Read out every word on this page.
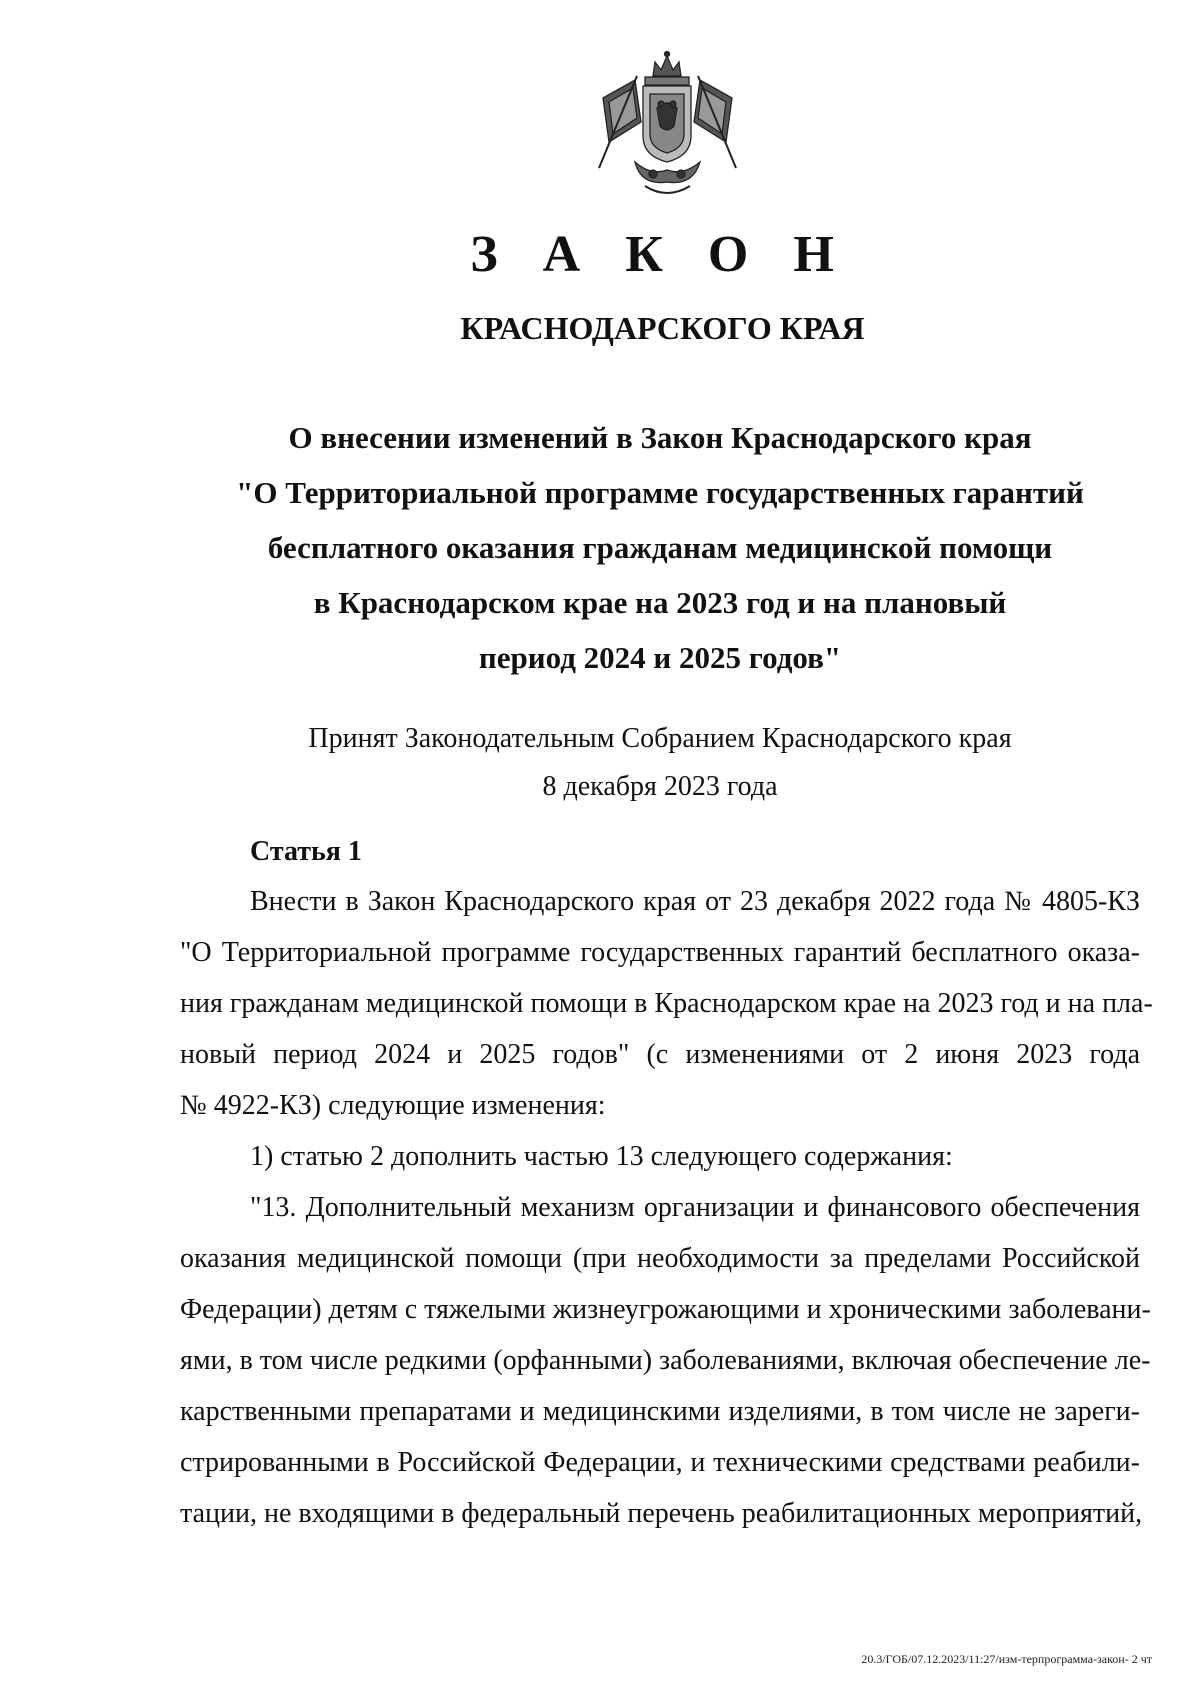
З А К О Н
КРАСНОДАРСКОГО КРАЯ
О внесении изменений в Закон Краснодарского края
"О Территориальной программе государственных гарантий
бесплатного оказания гражданам медицинской помощи
в Краснодарском крае на 2023 год и на плановый
период 2024 и 2025 годов"
Принят Законодательным Собранием Краснодарского края
8 декабря 2023 года
Статья 1
Внести в Закон Краснодарского края от 23 декабря 2022 года № 4805-КЗ
"О Территориальной программе государственных гарантий бесплатного оказа-
ния гражданам медицинской помощи в Краснодарском крае на 2023 год и на пла-
новый период 2024 и 2025 годов" (с изменениями от 2 июня 2023 года
№ 4922-КЗ) следующие изменения:
1) статью 2 дополнить частью 13 следующего содержания:
"13. Дополнительный механизм организации и финансового обеспечения
оказания медицинской помощи (при необходимости за пределами Российской
Федерации) детям с тяжелыми жизнеугрожающими и хроническими заболевани-
ями, в том числе редкими (орфанными) заболеваниями, включая обеспечение ле-
карственными препаратами и медицинскими изделиями, в том числе не зареги-
стрированными в Российской Федерации, и техническими средствами реабили-
тации, не входящими в федеральный перечень реабилитационных мероприятий,
20.3/ГОБ/07.12.2023/11:27/изм-терпрограмма-закон- 2 чт
